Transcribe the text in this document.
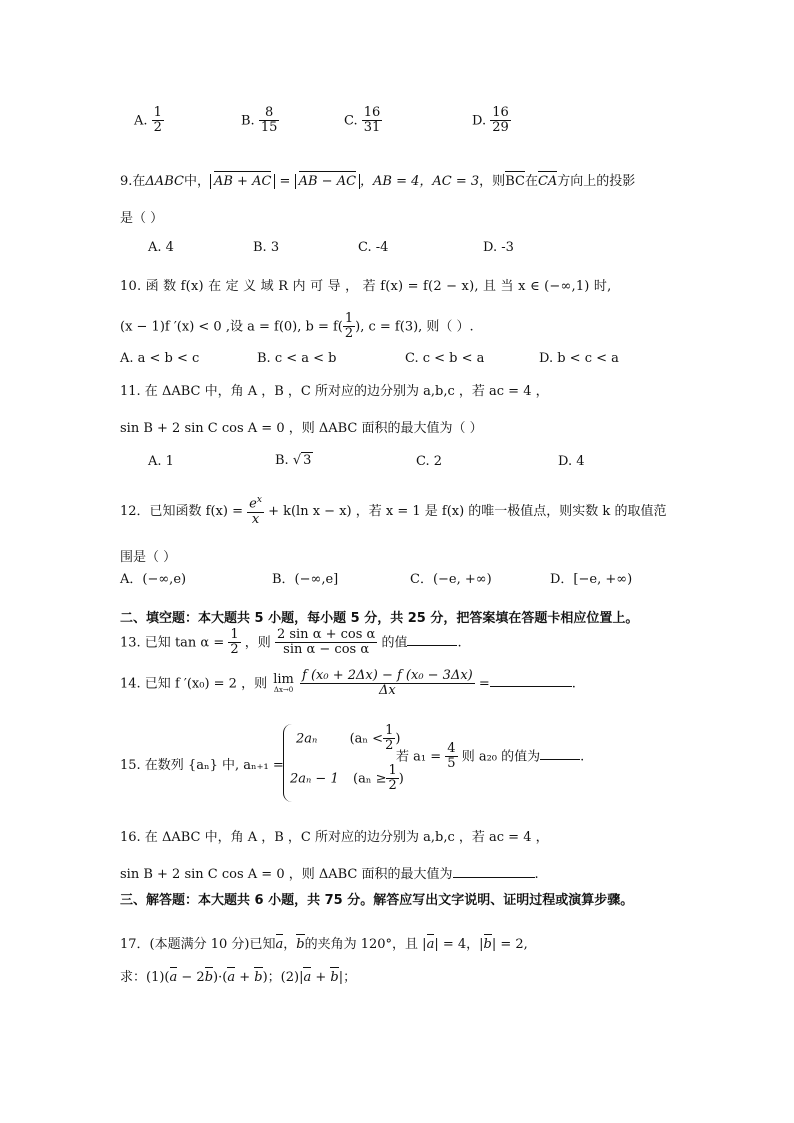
A. $\frac{1}{2}$	B. $\frac{8}{15}$	C. $\frac{16}{31}$	D. $\frac{16}{29}$
9.在ΔABC中， AB + AC = AB − AC ，AB = 4，AC = 3，则BC在CA方向上的投影
是（ ）
A. 4	B. 3	C. -4	D. -3
10. 函 数 f(x) 在 定 义 域 R 内 可 导 ， 若 f(x) = f(2 − x), 且 当 x ∈ (−∞,1) 时,
(x − 1)f ′(x) < 0 ,设 a = f(0), $b = f( \frac{1}{2}$ ), c = f(3), 则（ ）.
A. a < b < c	B. c < a < b	C. c < b < a	D. b < c < a
11. 在 ΔABC 中，角 A ，B ，C 所对应的边分别为 a,b,c ，若 ac = 4 ，
sin B + 2 sin C cos A = 0 ，则 ΔABC 面积的最大值为（ ）
A. 1	B. √ 3	C. 2	D. 4
12．已知函数 $f(x) = \frac{e^x}{x} + k(\ln$ x − x) ，若 x = 1 是 f(x) 的唯一极值点，则实数 k 的取值范
围是（ ）
A．(−∞,e)	B．(−∞,e]	C．(−e, +∞)	D．[−e, +∞)
二、填空题：本大题共 5 小题，每小题 5 分，共 25 分，把答案填在答题卡相应位置上。
13. 已知 $\tan \alpha = \frac{1}{2}$ ，则 $\frac{\text{2 sin α + cos α}}{\text{sin α − cos α}}$ 的值	.
14. 已知 f ′(x₀) = 2 ，则 lim
Δx→0
$\frac{\text{f (x₀ + 2Δx) − f (x₀ − 3Δx)}}{\Delta x}$ =	.
15. 在数列 {aₙ} 中, aₙ₊₁ =
2aₙ ($a_n < \frac{1}{2}$ )
2aₙ − 1 ($a_n \ge \frac{1}{2}$ )
若 $a_1 = \frac{4}{5}$ 则 a₂₀ 的值为	.
16. 在 ΔABC 中，角 A ，B ，C 所对应的边分别为 a,b,c ，若 ac = 4 ，
sin B + 2 sin C cos A = 0 ，则 ΔABC 面积的最大值为	.
三、解答题：本大题共 6 小题，共 75 分。解答应写出文字说明、证明过程或演算步骤。
17．(本题满分 10 分)已知a，b的夹角为 120°，且 |a| = 4，|b| = 2,
求：(1)(a − 2b)·(a + b)；(2)|a + b|；
